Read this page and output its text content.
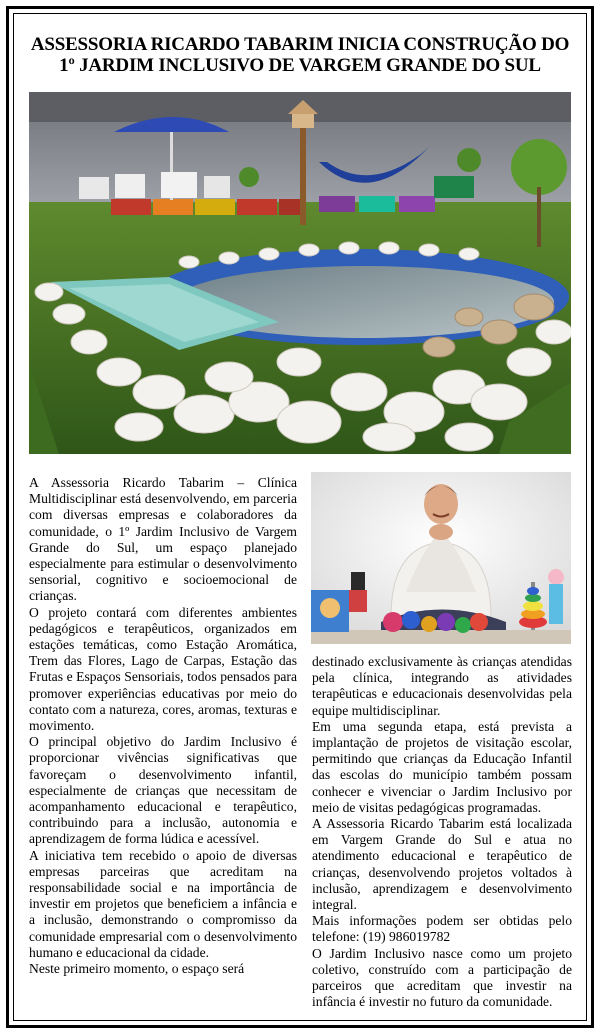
ASSESSORIA RICARDO TABARIM INICIA CONSTRUÇÃO DO
1º JARDIM INCLUSIVO DE VARGEM GRANDE DO SUL

A Assessoria Ricardo Tabarim – Clínica Multidisciplinar está desenvolvendo, em parceria com diversas empresas e colaboradores da comunidade, o 1º Jardim Inclusivo de Vargem Grande do Sul, um espaço planejado especialmente para estimular o desenvolvimento sensorial, cognitivo e socioemocional de crianças.

O projeto contará com diferentes ambientes pedagógicos e terapêuticos, organizados em estações temáticas, como Estação Aromática, Trem das Flores, Lago de Carpas, Estação das Frutas e Espaços Sensoriais, todos pensados para promover experiências educativas por meio do contato com a natureza, cores, aromas, texturas e movimento.

O principal objetivo do Jardim Inclusivo é proporcionar vivências significativas que favoreçam o desenvolvimento infantil, especialmente de crianças que necessitam de acompanhamento educacional e terapêutico, contribuindo para a inclusão, autonomia e aprendizagem de forma lúdica e acessível.

A iniciativa tem recebido o apoio de diversas empresas parceiras que acreditam na responsabilidade social e na importância de investir em projetos que beneficiem a infância e a inclusão, demonstrando o compromisso da comunidade empresarial com o desenvolvimento humano e educacional da cidade.

Neste primeiro momento, o espaço será

destinado exclusivamente às crianças atendidas pela clínica, integrando as atividades terapêuticas e educacionais desenvolvidas pela equipe multidisciplinar.

Em uma segunda etapa, está prevista a implantação de projetos de visitação escolar, permitindo que crianças da Educação Infantil das escolas do município também possam conhecer e vivenciar o Jardim Inclusivo por meio de visitas pedagógicas programadas.

A Assessoria Ricardo Tabarim está localizada em Vargem Grande do Sul e atua no atendimento educacional e terapêutico de crianças, desenvolvendo projetos voltados à inclusão, aprendizagem e desenvolvimento integral.

Mais informações podem ser obtidas pelo telefone: (19) 986019782

O Jardim Inclusivo nasce como um projeto coletivo, construído com a participação de parceiros que acreditam que investir na infância é investir no futuro da comunidade.
